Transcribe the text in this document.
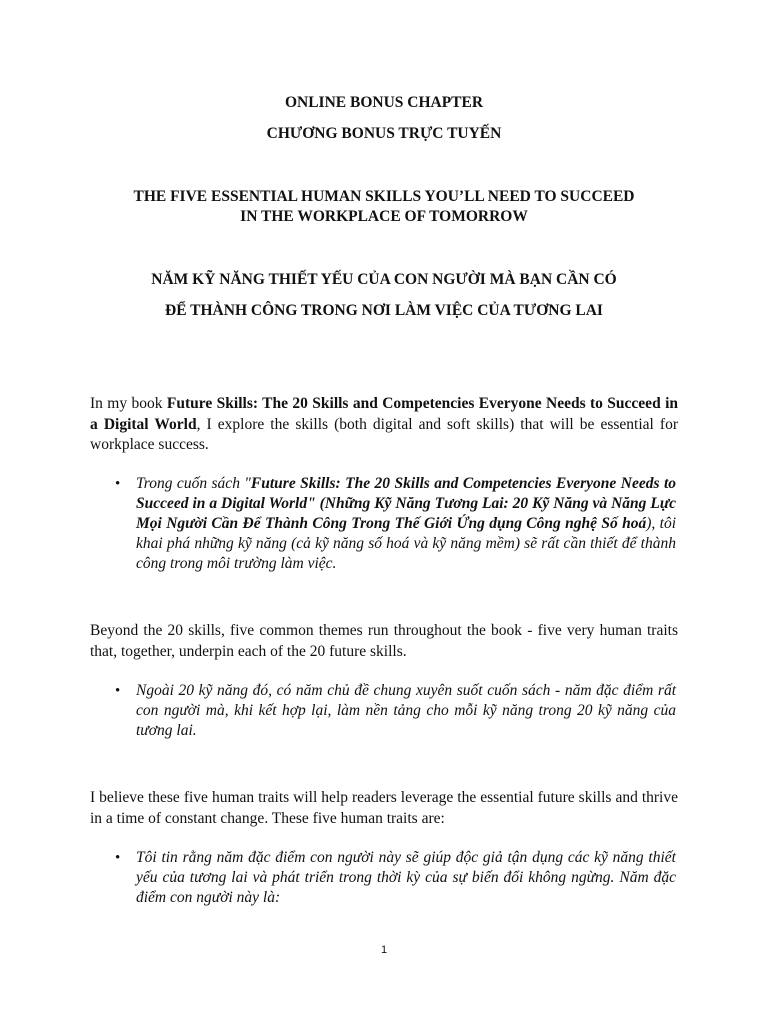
ONLINE BONUS CHAPTER
CHƯƠNG BONUS TRỰC TUYẾN
THE FIVE ESSENTIAL HUMAN SKILLS YOU’LL NEED TO SUCCEED
IN THE WORKPLACE OF TOMORROW
NĂM KỸ NĂNG THIẾT YẾU CỦA CON NGƯỜI MÀ BẠN CẦN CÓ
ĐỂ THÀNH CÔNG TRONG NƠI LÀM VIỆC CỦA TƯƠNG LAI
In my book Future Skills: The 20 Skills and Competencies Everyone Needs to Succeed in a Digital World, I explore the skills (both digital and soft skills) that will be essential for workplace success.
• Trong cuốn sách "Future Skills: The 20 Skills and Competencies Everyone Needs to Succeed in a Digital World" (Những Kỹ Năng Tương Lai: 20 Kỹ Năng và Năng Lực Mọi Người Cần Để Thành Công Trong Thế Giới Ứng dụng Công nghệ Số hoá), tôi khai phá những kỹ năng (cả kỹ năng số hoá và kỹ năng mềm) sẽ rất cần thiết để thành công trong môi trường làm việc.
Beyond the 20 skills, five common themes run throughout the book - five very human traits that, together, underpin each of the 20 future skills.
• Ngoài 20 kỹ năng đó, có năm chủ đề chung xuyên suốt cuốn sách - năm đặc điểm rất con người mà, khi kết hợp lại, làm nền tảng cho mỗi kỹ năng trong 20 kỹ năng của tương lai.
I believe these five human traits will help readers leverage the essential future skills and thrive in a time of constant change. These five human traits are:
• Tôi tin rằng năm đặc điểm con người này sẽ giúp độc giả tận dụng các kỹ năng thiết yếu của tương lai và phát triển trong thời kỳ của sự biến đổi không ngừng. Năm đặc điểm con người này là:
1
